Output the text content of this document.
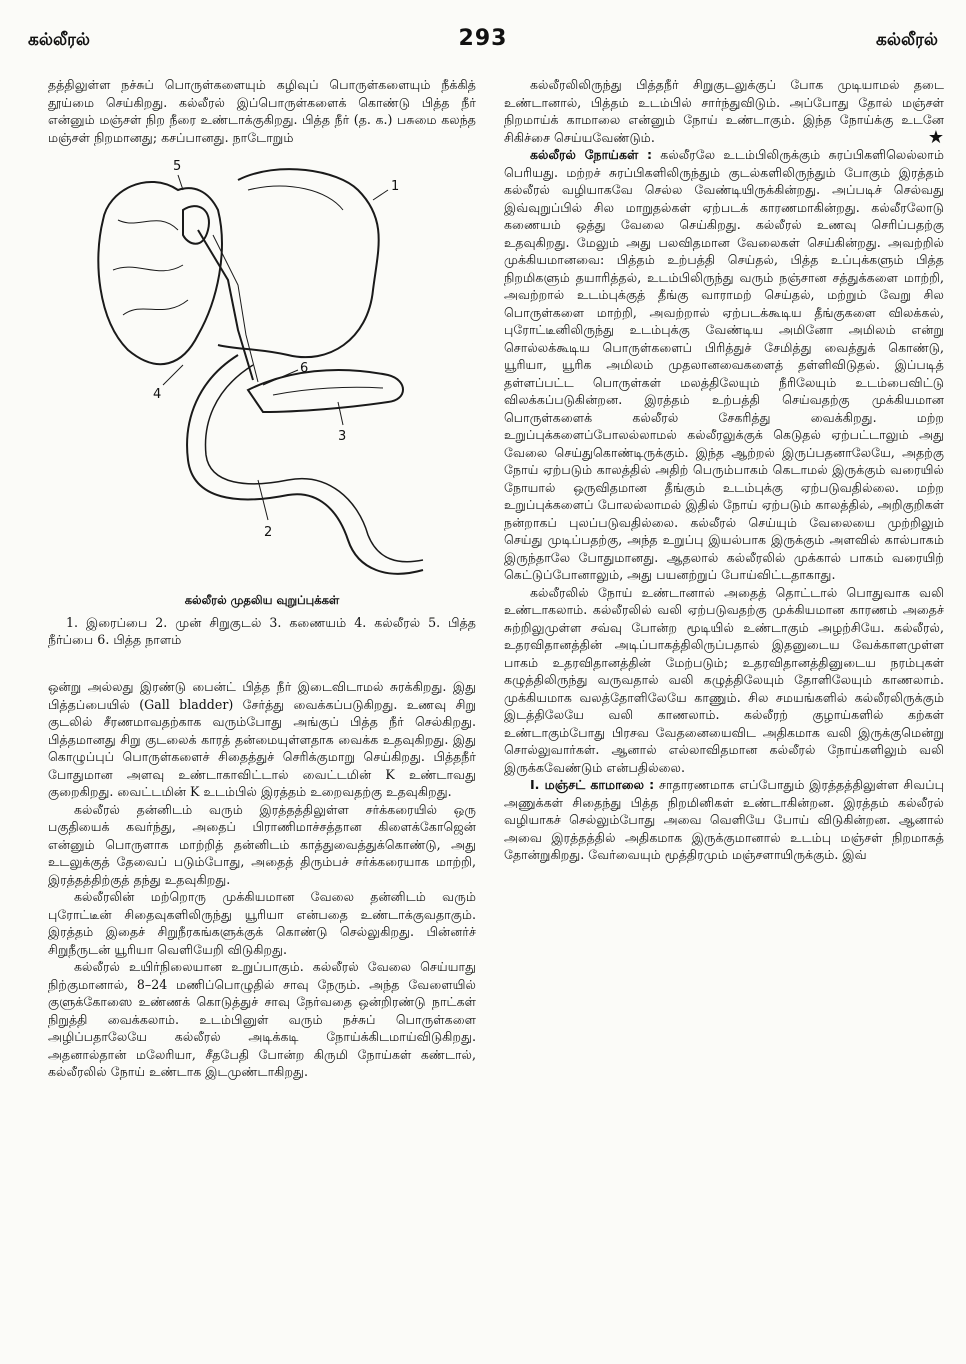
கல்லீரல்	293	கல்லீரல்

தத்திலுள்ள நச்சுப் பொருள்களையும் கழிவுப் பொருள்களையும் நீக்கித் தூய்மை செய்கிறது. கல்லீரல் இப்பொருள்களைக் கொண்டு பித்த நீர் என்னும் மஞ்சள் நிற நீரை உண்டாக்குகிறது. பித்த நீர் (த. க.) பசுமை கலந்த மஞ்சள் நிறமானது; கசப்பானது. நாடோறும்

1
2
3
4
5
6
கல்லீரல் முதலிய வுறுப்புக்கள்
1. இரைப்பை 2. முன் சிறுகுடல் 3. கணையம் 4. கல்லீரல் 5. பித்த நீர்ப்பை 6. பித்த நாளம்

ஒன்று அல்லது இரண்டு பைன்ட் பித்த நீர் இடைவிடாமல் சுரக்கிறது. இது பித்தப்பையில் (Gall bladder) சேர்த்து வைக்கப்படுகிறது. உணவு சிறு குடலில் சீரணமாவதற்காக வரும்போது அங்குப் பித்த நீர் செல்கிறது. பித்தமானது சிறு குடலைக் காரத் தன்மையுள்ளதாக வைக்க உதவுகிறது. இது கொழுப்புப் பொருள்களைச் சிதைத்துச் செரிக்குமாறு செய்கிறது. பித்தநீர் போதுமான அளவு உண்டாகாவிட்டால் வைட்டமின் K உண்டாவது குறைகிறது. வைட்டமின் K உடம்பில் இரத்தம் உறைவதற்கு உதவுகிறது.

கல்லீரல் தன்னிடம் வரும் இரத்தத்திலுள்ள சர்க்கரையில் ஒரு பகுதியைக் கவர்ந்து, அதைப் பிராணிமாச்சத்தான கிளைக்கோஜென் என்னும் பொருளாக மாற்றித் தன்னிடம் காத்துவைத்துக்கொண்டு, அது உடலுக்குத் தேவைப் படும்போது, அதைத் திரும்பச் சர்க்கரையாக மாற்றி, இரத்தத்திற்குத் தந்து உதவுகிறது.

கல்லீரலின் மற்றொரு முக்கியமான வேலை தன்னிடம் வரும் புரோட்டீன் சிதைவுகளிலிருந்து யூரியா என்பதை உண்டாக்குவதாகும். இரத்தம் இதைச் சிறுநீரகங்களுக்குக் கொண்டு செல்லுகிறது. பின்னர்ச் சிறுநீருடன் யூரியா வெளியேறி விடுகிறது.

கல்லீரல் உயிர்நிலையான உறுப்பாகும். கல்லீரல் வேலை செய்யாது நிற்குமானால், 8–24 மணிப்பொழுதில் சாவு நேரும். அந்த வேளையில் குளுக்கோஸை உண்ணக் கொடுத்துச் சாவு நேர்வதை ஒன்றிரண்டு நாட்கள் நிறுத்தி வைக்கலாம். உடம்பினுள் வரும் நச்சுப் பொருள்களை அழிப்பதாலேயே கல்லீரல் அடிக்கடி நோய்க்கிடமாய்விடுகிறது. அதனால்தான் மலேரியா, சீதபேதி போன்ற கிருமி நோய்கள் கண்டால், கல்லீரலில் நோய் உண்டாக இடமுண்டாகிறது.

கல்லீரலிலிருந்து பித்தநீர் சிறுகுடலுக்குப் போக முடியாமல் தடை உண்டானால், பித்தம் உடம்பில் சார்ந்துவிடும். அப்போது தோல் மஞ்சள் நிறமாய்க் காமாலை என்னும் நோய் உண்டாகும். இந்த நோய்க்கு உடனே சிகிச்சை செய்யவேண்டும்.	★

கல்லீரல் நோய்கள் : கல்லீரலே உடம்பிலிருக்கும் சுரப்பிகளிலெல்லாம் பெரியது. மற்றச் சுரப்பிகளிலிருந்தும் குடல்களிலிருந்தும் போகும் இரத்தம் கல்லீரல் வழியாகவே செல்ல வேண்டியிருக்கின்றது. அப்படிச் செல்வது இவ்வுறுப்பில் சில மாறுதல்கள் ஏற்படக் காரணமாகின்றது. கல்லீரலோடு கணையம் ஒத்து வேலை செய்கிறது. கல்லீரல் உணவு செரிப்பதற்கு உதவுகிறது. மேலும் அது பலவிதமான வேலைகள் செய்கின்றது. அவற்றில் முக்கியமானவை: பித்தம் உற்பத்தி செய்தல், பித்த உப்புக்களும் பித்த நிறமிகளும் தயாரித்தல், உடம்பிலிருந்து வரும் நஞ்சான சத்துக்களை மாற்றி, அவற்றால் உடம்புக்குத் தீங்கு வாராமற் செய்தல், மற்றும் வேறு சில பொருள்களை மாற்றி, அவற்றால் ஏற்படக்கூடிய தீங்குகளை விலக்கல், புரோட்டீனிலிருந்து உடம்புக்கு வேண்டிய அமினோ அமிலம் என்று சொல்லக்கூடிய பொருள்களைப் பிரித்துச் சேமித்து வைத்துக் கொண்டு, யூரியா, யூரிக அமிலம் முதலானவைகளைத் தள்ளிவிடுதல். இப்படித் தள்ளப்பட்ட பொருள்கள் மலத்திலேயும் நீரிலேயும் உடம்பைவிட்டு விலக்கப்படுகின்றன. இரத்தம் உற்பத்தி செய்வதற்கு முக்கியமான பொருள்களைக் கல்லீரல் சேகரித்து வைக்கிறது. மற்ற உறுப்புக்களைப்போலல்லாமல் கல்லீரலுக்குக் கெடுதல் ஏற்பட்டாலும் அது வேலை செய்துகொண்டிருக்கும். இந்த ஆற்றல் இருப்பதனாலேயே, அதற்கு நோய் ஏற்படும் காலத்தில் அதிற் பெரும்பாகம் கெடாமல் இருக்கும் வரையில் நோயால் ஒருவிதமான தீங்கும் உடம்புக்கு ஏற்படுவதில்லை. மற்ற உறுப்புக்களைப் போலல்லாமல் இதில் நோய் ஏற்படும் காலத்தில், அறிகுறிகள் நன்றாகப் புலப்படுவதில்லை. கல்லீரல் செய்யும் வேலையை முற்றிலும் செய்து முடிப்பதற்கு, அந்த உறுப்பு இயல்பாக இருக்கும் அளவில் கால்பாகம் இருந்தாலே போதுமானது. ஆதலால் கல்லீரலில் முக்கால் பாகம் வரையிற் கெட்டுப்போனாலும், அது பயனற்றுப் போய்விட்டதாகாது.

கல்லீரலில் நோய் உண்டானால் அதைத் தொட்டால் பொதுவாக வலி உண்டாகலாம். கல்லீரலில் வலி ஏற்படுவதற்கு முக்கியமான காரணம் அதைச் சுற்றிலுமுள்ள சவ்வு போன்ற மூடியில் உண்டாகும் அழற்சியே. கல்லீரல், உதரவிதானத்தின் அடிப்பாகத்திலிருப்பதால் இதனுடைய வேக்காளமுள்ள பாகம் உதரவிதானத்தின் மேற்படும்; உதரவிதானத்தினுடைய நரம்புகள் கழுத்திலிருந்து வருவதால் வலி கழுத்திலேயும் தோளிலேயும் காணலாம். முக்கியமாக வலத்தோளிலேயே காணும். சில சமயங்களில் கல்லீரலிருக்கும் இடத்திலேயே வலி காணலாம். கல்லீரற் குழாய்களில் கற்கள் உண்டாகும்போது பிரசவ வேதனையைவிட அதிகமாக வலி இருக்குமென்று சொல்லுவார்கள். ஆனால் எல்லாவிதமான கல்லீரல் நோய்களிலும் வலி இருக்கவேண்டும் என்பதில்லை.

I. மஞ்சட் காமாலை : சாதாரணமாக எப்போதும் இரத்தத்திலுள்ள சிவப்பு அணுக்கள் சிதைந்து பித்த நிறமினிகள் உண்டாகின்றன. இரத்தம் கல்லீரல் வழியாகச் செல்லும்போது அவை வெளியே போய் விடுகின்றன. ஆனால் அவை இரத்தத்தில் அதிகமாக இருக்குமானால் உடம்பு மஞ்சள் நிறமாகத் தோன்றுகிறது. வேர்வையும் மூத்திரமும் மஞ்சளாயிருக்கும். இவ்
